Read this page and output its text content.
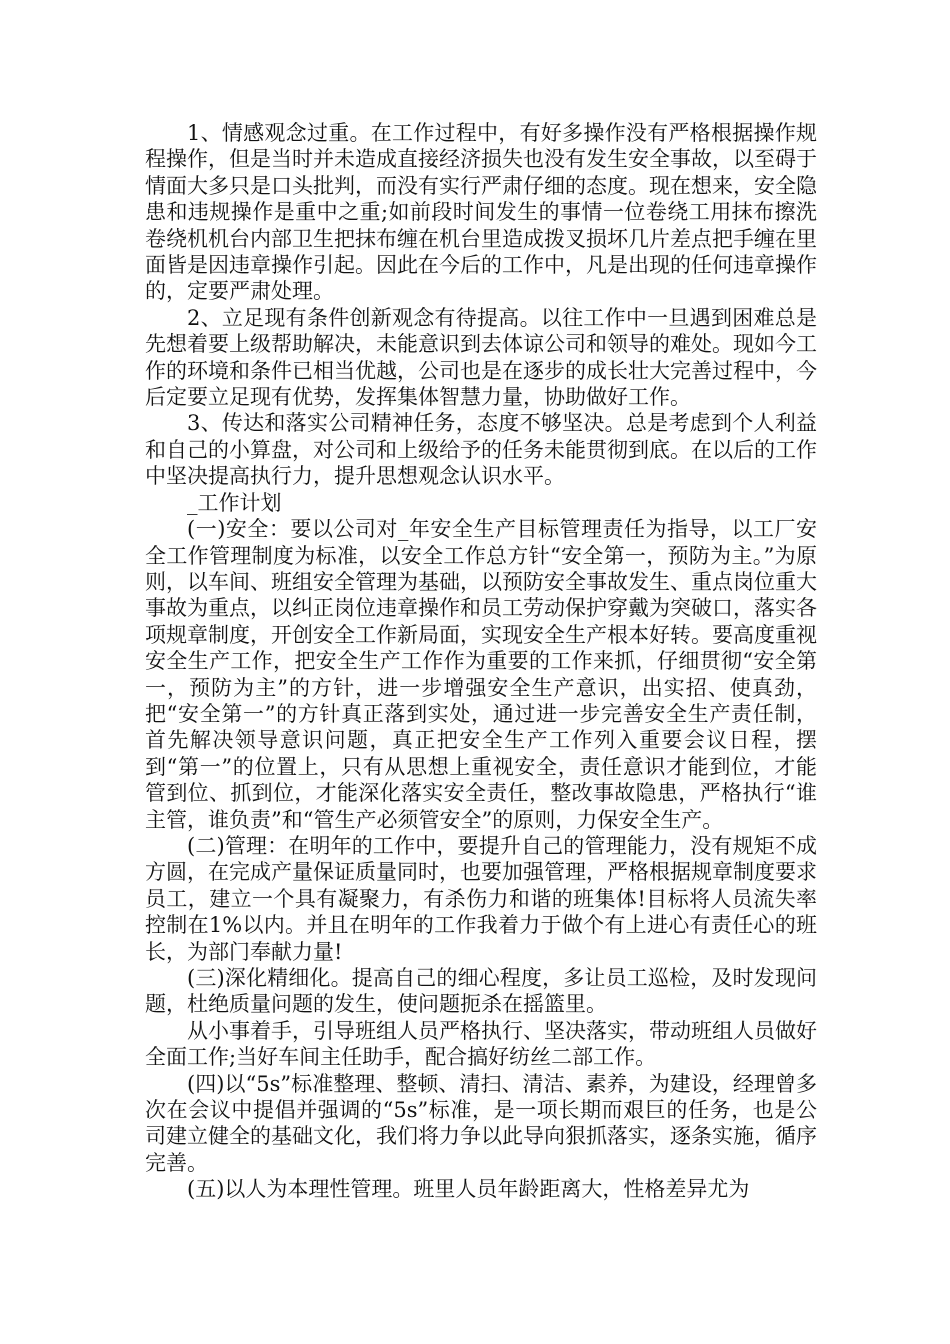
1、情感观念过重。在工作过程中，有好多操作没有严格根据操作规程操作，但是当时并未造成直接经济损失也没有发生安全事故，以至碍于情面大多只是口头批判，而没有实行严肃仔细的态度。现在想来，安全隐患和违规操作是重中之重;如前段时间发生的事情一位卷绕工用抹布擦洗卷绕机机台内部卫生把抹布缠在机台里造成拨叉损坏几片差点把手缠在里面皆是因违章操作引起。因此在今后的工作中，凡是出现的任何违章操作的，定要严肃处理。

2、立足现有条件创新观念有待提高。以往工作中一旦遇到困难总是先想着要上级帮助解决，未能意识到去体谅公司和领导的难处。现如今工作的环境和条件已相当优越，公司也是在逐步的成长壮大完善过程中，今后定要立足现有优势，发挥集体智慧力量，协助做好工作。

3、传达和落实公司精神任务，态度不够坚决。总是考虑到个人利益和自己的小算盘，对公司和上级给予的任务未能贯彻到底。在以后的工作中坚决提高执行力，提升思想观念认识水平。

_工作计划

(一)安全：要以公司对_年安全生产目标管理责任为指导，以工厂安全工作管理制度为标准，以安全工作总方针“安全第一，预防为主。”为原则，以车间、班组安全管理为基础，以预防安全事故发生、重点岗位重大事故为重点，以纠正岗位违章操作和员工劳动保护穿戴为突破口，落实各项规章制度，开创安全工作新局面，实现安全生产根本好转。要高度重视安全生产工作，把安全生产工作作为重要的工作来抓，仔细贯彻“安全第一，预防为主”的方针，进一步增强安全生产意识，出实招、使真劲，把“安全第一”的方针真正落到实处，通过进一步完善安全生产责任制，首先解决领导意识问题，真正把安全生产工作列入重要会议日程，摆到“第一”的位置上，只有从思想上重视安全，责任意识才能到位，才能管到位、抓到位，才能深化落实安全责任，整改事故隐患，严格执行“谁主管，谁负责”和“管生产必须管安全”的原则，力保安全生产。

(二)管理：在明年的工作中，要提升自己的管理能力，没有规矩不成方圆，在完成产量保证质量同时，也要加强管理，严格根据规章制度要求员工，建立一个具有凝聚力，有杀伤力和谐的班集体!目标将人员流失率控制在1%以内。并且在明年的工作我着力于做个有上进心有责任心的班长，为部门奉献力量!

(三)深化精细化。提高自己的细心程度，多让员工巡检，及时发现问题，杜绝质量问题的发生，使问题扼杀在摇篮里。

从小事着手，引导班组人员严格执行、坚决落实，带动班组人员做好全面工作;当好车间主任助手，配合搞好纺丝二部工作。

(四)以“5s”标准整理、整顿、清扫、清洁、素养，为建设，经理曾多次在会议中提倡并强调的“5s”标准，是一项长期而艰巨的任务，也是公司建立健全的基础文化，我们将力争以此导向狠抓落实，逐条实施，循序完善。

(五)以人为本理性管理。班里人员年龄距离大，性格差异尤为
